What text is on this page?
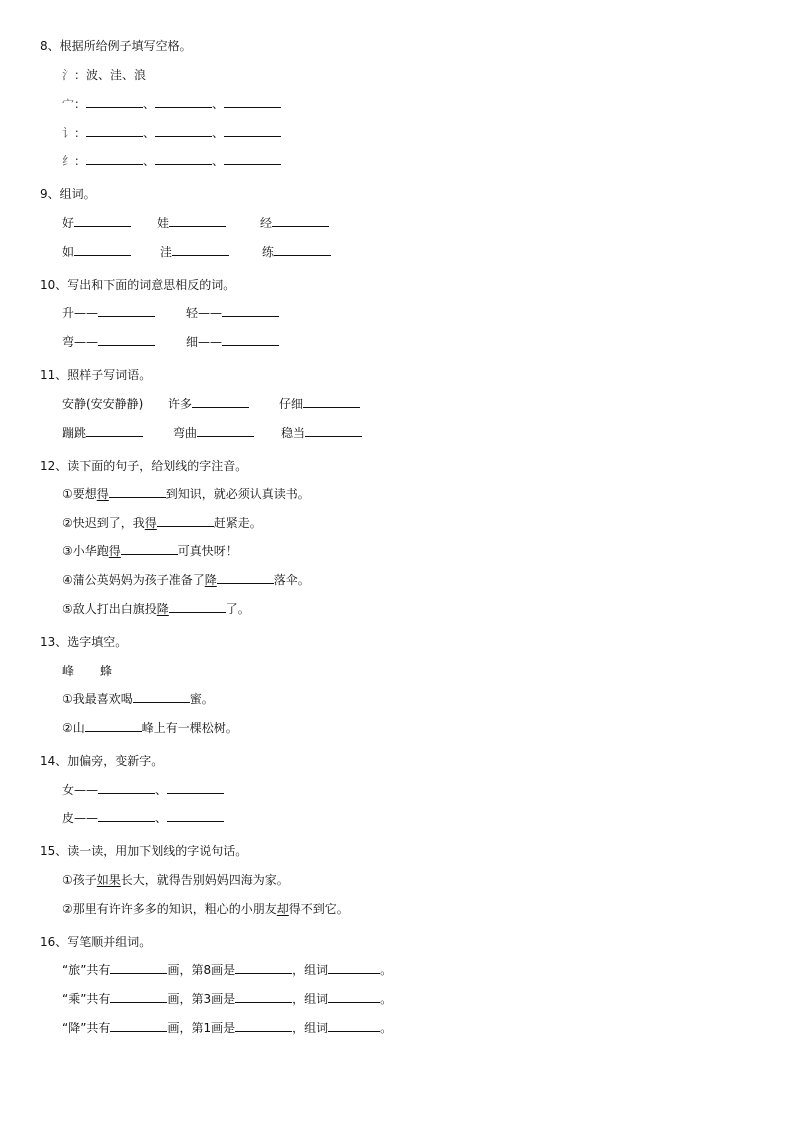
8、根据所给例子填写空格。
氵：波、洼、浪
宀：	、	、
讠：	、	、
纟：	、	、
9、组词。
好	娃	经
如	洼	练
10、写出和下面的词意思相反的词。
升——	轻——
弯——	细——
11、照样子写词语。
安静(安安静静) 许多	仔细
蹦跳	弯曲	稳当
12、读下面的句子，给划线的字注音。
①要想得	到知识，就必须认真读书。
②快迟到了，我得	赶紧走。
③小华跑得	可真快呀！
④蒲公英妈妈为孩子准备了降	落伞。
⑤敌人打出白旗投降	了。
13、选字填空。
峰 蜂
①我最喜欢喝	蜜。
②山	峰上有一棵松树。
14、加偏旁，变新字。
女——	、
皮——	、
15、读一读，用加下划线的字说句话。
①孩子如果长大，就得告别妈妈四海为家。
②那里有许许多多的知识，粗心的小朋友却得不到它。
16、写笔顺并组词。
“旅”共有	画，第8画是	，组词	。
“乘”共有	画，第3画是	，组词	。
“降”共有	画，第1画是	，组词	。
